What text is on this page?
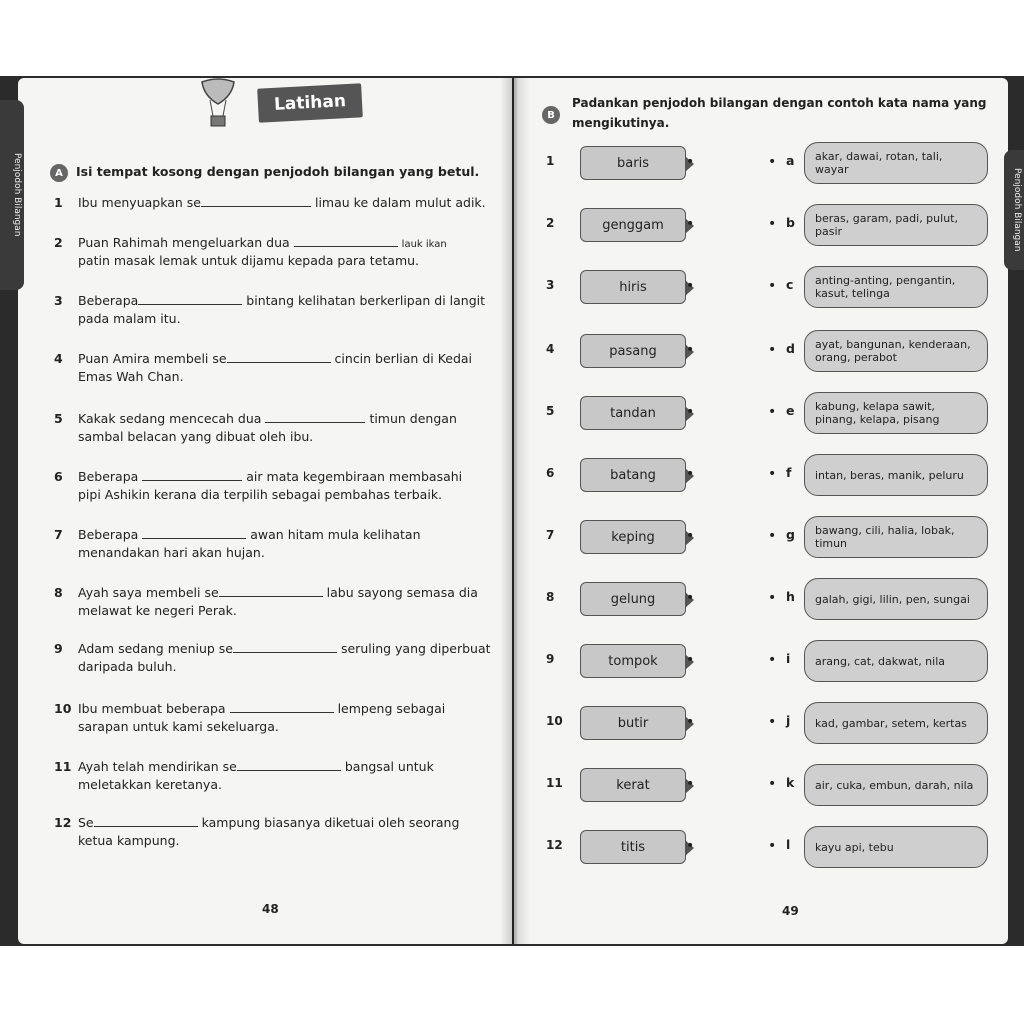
Penjodoh Bilangan	Penjodoh Bilangan
Latihan
A	Isi tempat kosong dengan penjodoh bilangan yang betul.
1	Ibu menyuapkan se	limau ke dalam mulut adik.
2	Puan Rahimah mengeluarkan dua	lauk ikan
patin masak lemak untuk dijamu kepada para tetamu.
3	Beberapa	bintang kelihatan berkerlipan di langit
pada malam itu.
4	Puan Amira membeli se	cincin berlian di Kedai
Emas Wah Chan.
5	Kakak sedang mencecah dua	timun dengan
sambal belacan yang dibuat oleh ibu.
6	Beberapa	air mata kegembiraan membasahi
pipi Ashikin kerana dia terpilih sebagai pembahas terbaik.
7	Beberapa	awan hitam mula kelihatan
menandakan hari akan hujan.
8	Ayah saya membeli se	labu sayong semasa dia
melawat ke negeri Perak.
9	Adam sedang meniup se	seruling yang diperbuat
daripada buluh.
10 Ibu membuat beberapa	lempeng sebagai
sarapan untuk kami sekeluarga.
11 Ayah telah mendirikan se	bangsal untuk
meletakkan keretanya.
12 Se	kampung biasanya diketuai oleh seorang
ketua kampung.
48
B
Padankan penjodoh bilangan dengan contoh kata nama yang
mengikutinya.
1	baris	•	• a	akar, dawai, rotan, tali, wayar
2	genggam	•	• b	beras, garam, padi, pulut, pasir
3	hiris	•	• c	anting-anting, pengantin, kasut, telinga
4	pasang	•	• d	ayat, bangunan, kenderaan, orang, perabot
5	tandan	•	• e	kabung, kelapa sawit, pinang, kelapa, pisang
6	batang	•	• f	intan, beras, manik, peluru
7	keping	•	• g	bawang, cili, halia, lobak, timun
8	gelung	•	• h	galah, gigi, lilin, pen, sungai
9	tompok	•	• i	arang, cat, dakwat, nila
10	butir	•	• j	kad, gambar, setem, kertas
11	kerat	•	• k	air, cuka, embun, darah, nila
12	titis	•	• l	kayu api, tebu
49
